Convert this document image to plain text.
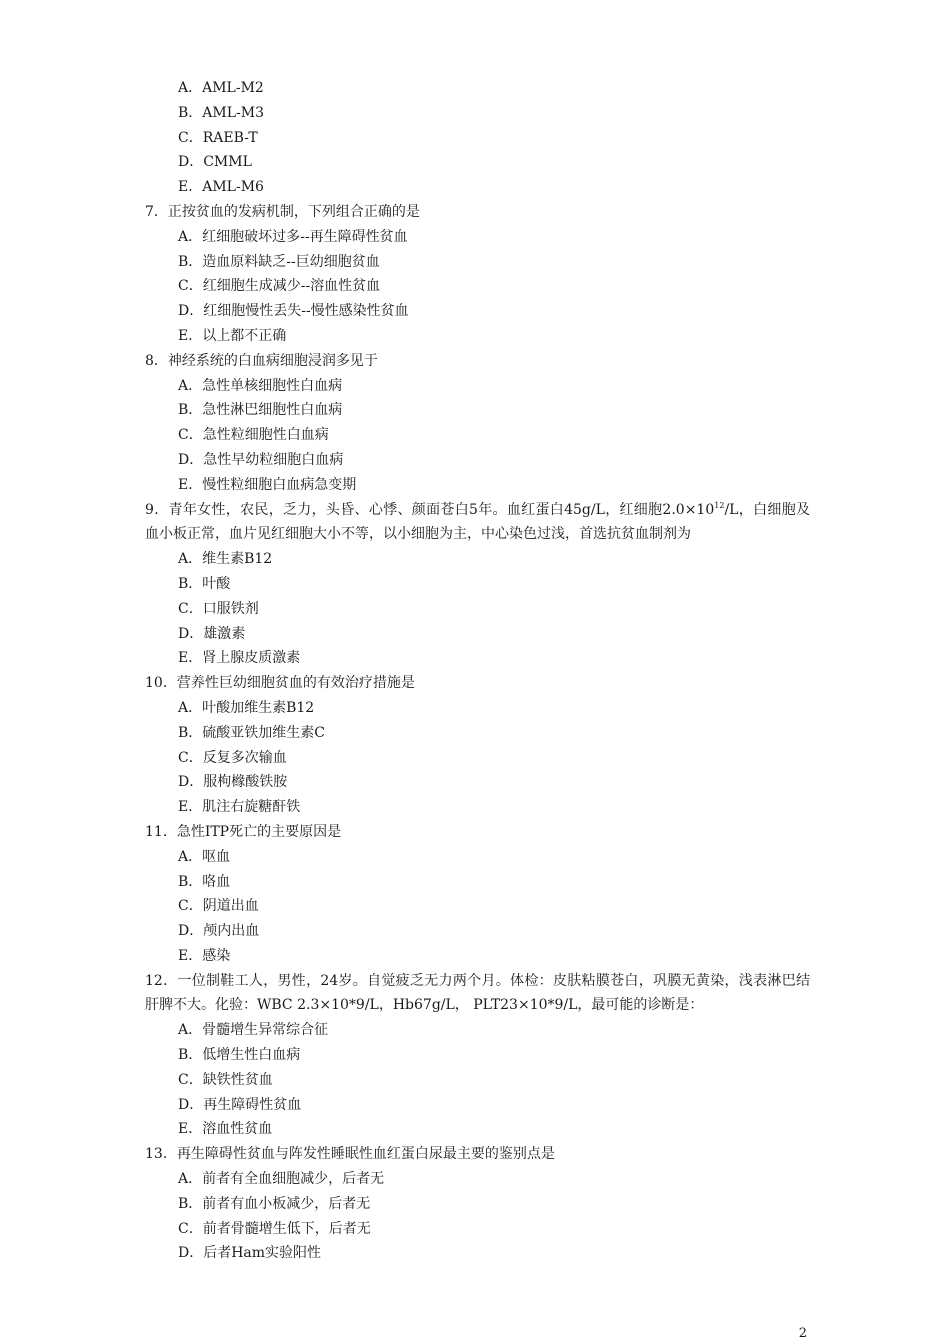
A．AML-M2
B．AML-M3
C．RAEB-T
D．CMML
E．AML-M6
7．正按贫血的发病机制，下列组合正确的是
A．红细胞破坏过多--再生障碍性贫血
B．造血原料缺乏--巨幼细胞贫血
C．红细胞生成减少--溶血性贫血
D．红细胞慢性丢失--慢性感染性贫血
E．以上都不正确
8．神经系统的白血病细胞浸润多见于
A．急性单核细胞性白血病
B．急性淋巴细胞性白血病
C．急性粒细胞性白血病
D．急性早幼粒细胞白血病
E．慢性粒细胞白血病急变期
9．青年女性，农民，乏力，头昏、心悸、颜面苍白5年。血红蛋白45g/L，红细胞$2.0\times 10^{12}/L$，白细胞及血小板正常，血片见红细胞大小不等，以小细胞为主，中心染色过浅，首选抗贫血制剂为
A．维生素B12
B．叶酸
C．口服铁剂
D．雄激素
E．肾上腺皮质激素
10．营养性巨幼细胞贫血的有效治疗措施是
A．叶酸加维生素B12
B．硫酸亚铁加维生素C
C．反复多次输血
D．服枸橼酸铁胺
E．肌注右旋糖酐铁
11．急性ITP死亡的主要原因是
A．呕血
B．咯血
C．阴道出血
D．颅内出血
E．感染
12．一位制鞋工人，男性，24岁。自觉疲乏无力两个月。体检：皮肤粘膜苍白，巩膜无黄染，浅表淋巴结肝脾不大。化验：WBC 2.3×10*9/L，Hb67g/L， PLT23×10*9/L，最可能的诊断是：
A．骨髓增生异常综合征
B．低增生性白血病
C．缺铁性贫血
D．再生障碍性贫血
E．溶血性贫血
13．再生障碍性贫血与阵发性睡眠性血红蛋白尿最主要的鉴别点是
A．前者有全血细胞减少，后者无
B．前者有血小板减少，后者无
C．前者骨髓增生低下，后者无
D．后者Ham实验阳性
2
